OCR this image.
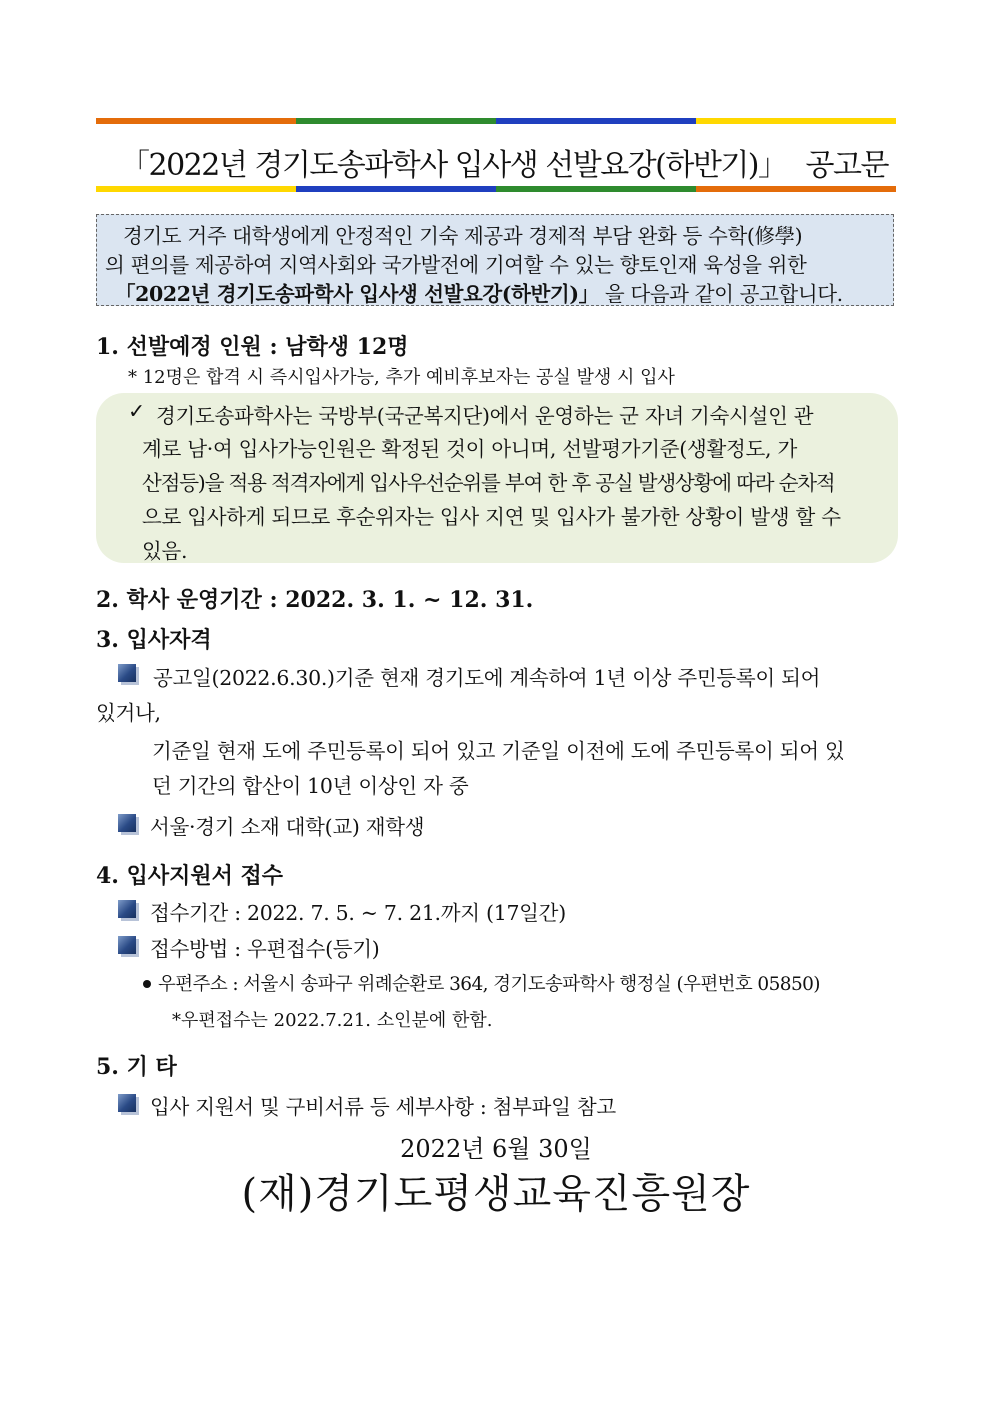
「2022년 경기도송파학사 입사생 선발요강(하반기)」 공고문
경기도 거주 대학생에게 안정적인 기숙 제공과 경제적 부담 완화 등 수학(修學)
의 편의를 제공하여 지역사회와 국가발전에 기여할 수 있는 향토인재 육성을 위한
「2022년 경기도송파학사 입사생 선발요강(하반기)」 을 다음과 같이 공고합니다.
1. 선발예정 인원 : 남학생 12명
* 12명은 합격 시 즉시입사가능, 추가 예비후보자는 공실 발생 시 입사
✓ 경기도송파학사는 국방부(국군복지단)에서 운영하는 군 자녀 기숙시설인 관
계로 남·여 입사가능인원은 확정된 것이 아니며, 선발평가기준(생활정도, 가
산점등)을 적용 적격자에게 입사우선순위를 부여 한 후 공실 발생상황에 따라 순차적
으로 입사하게 되므로 후순위자는 입사 지연 및 입사가 불가한 상황이 발생 할 수
있음.
2. 학사 운영기간 : 2022. 3. 1. ~ 12. 31.
3. 입사자격
공고일(2022.6.30.)기준 현재 경기도에 계속하여 1년 이상 주민등록이 되어
있거나,
기준일 현재 도에 주민등록이 되어 있고 기준일 이전에 도에 주민등록이 되어 있
던 기간의 합산이 10년 이상인 자 중
서울·경기 소재 대학(교) 재학생
4. 입사지원서 접수
접수기간 : 2022. 7. 5. ~ 7. 21.까지 (17일간)
접수방법 : 우편접수(등기)
우편주소 : 서울시 송파구 위례순환로 364, 경기도송파학사 행정실 (우편번호 05850)
*우편접수는 2022.7.21. 소인분에 한함.
5. 기 타
입사 지원서 및 구비서류 등 세부사항 : 첨부파일 참고
2022년 6월 30일
(재)경기도평생교육진흥원장
